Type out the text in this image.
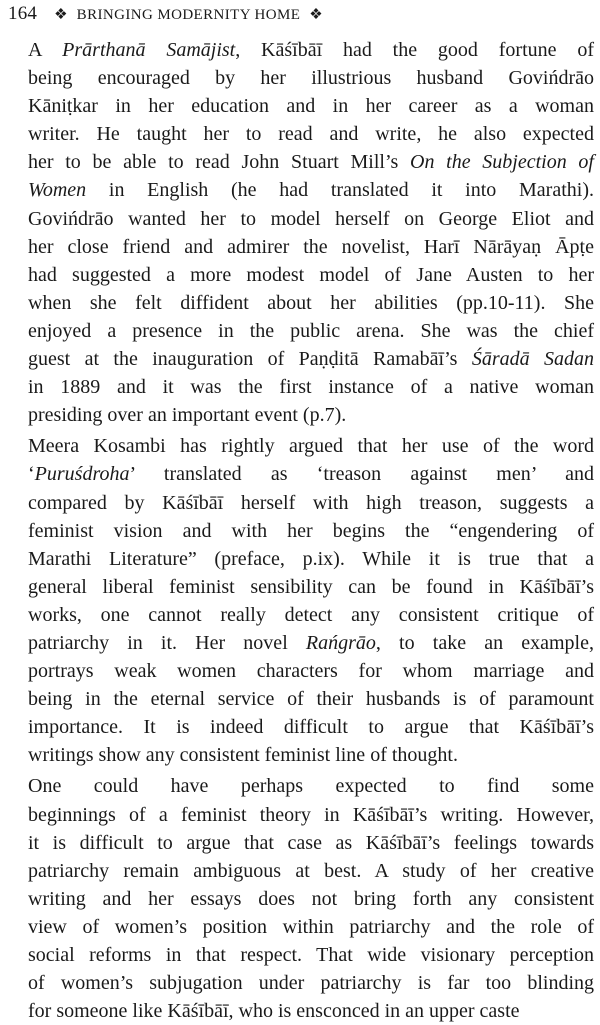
164 ❖ BRINGING MODERNITY HOME ❖

A Prārthanā Samājist, Kāśībāī had the good fortune of
being encouraged by her illustrious husband Govińdrāo
Kāniṭkar in her education and in her career as a woman
writer. He taught her to read and write, he also expected
her to be able to read John Stuart Mill’s On the Subjection of
Women in English (he had translated it into Marathi).
Govińdrāo wanted her to model herself on George Eliot and
her close friend and admirer the novelist, Harī Nārāyaṇ Āpṭe
had suggested a more modest model of Jane Austen to her
when she felt diffident about her abilities (pp.10-11). She
enjoyed a presence in the public arena. She was the chief
guest at the inauguration of Paṇḍitā Ramabāī’s Śāradā Sadan
in 1889 and it was the first instance of a native woman
presiding over an important event (p.7).

Meera Kosambi has rightly argued that her use of the word
‘Puruśdroha’ translated as ‘treason against men’ and
compared by Kāśībāī herself with high treason, suggests a
feminist vision and with her begins the “engendering of
Marathi Literature” (preface, p.ix). While it is true that a
general liberal feminist sensibility can be found in Kāśībāī’s
works, one cannot really detect any consistent critique of
patriarchy in it. Her novel Rańgrāo, to take an example,
portrays weak women characters for whom marriage and
being in the eternal service of their husbands is of paramount
importance. It is indeed difficult to argue that Kāśībāī’s
writings show any consistent feminist line of thought.

One could have perhaps expected to find some
beginnings of a feminist theory in Kāśībāī’s writing. However,
it is difficult to argue that case as Kāśībāī’s feelings towards
patriarchy remain ambiguous at best. A study of her creative
writing and her essays does not bring forth any consistent
view of women’s position within patriarchy and the role of
social reforms in that respect. That wide visionary perception
of women’s subjugation under patriarchy is far too blinding
for someone like Kāśībāī, who is ensconced in an upper caste
